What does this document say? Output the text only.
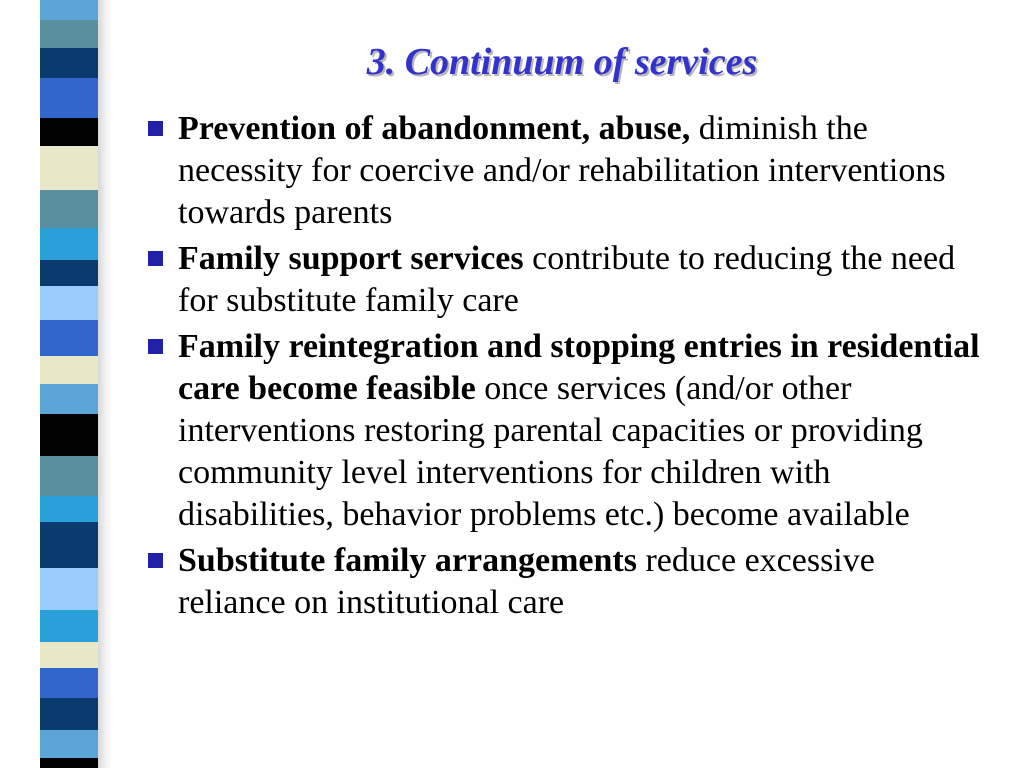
3. Continuum of services
Prevention of abandonment, abuse, diminish the necessity for coercive and/or rehabilitation interventions towards parents
Family support services contribute to reducing the need for substitute family care
Family reintegration and stopping entries in residential care become feasible once services (and/or other interventions restoring parental capacities or providing community level interventions for children with disabilities, behavior problems etc.) become available
Substitute family arrangements reduce excessive reliance on institutional care
